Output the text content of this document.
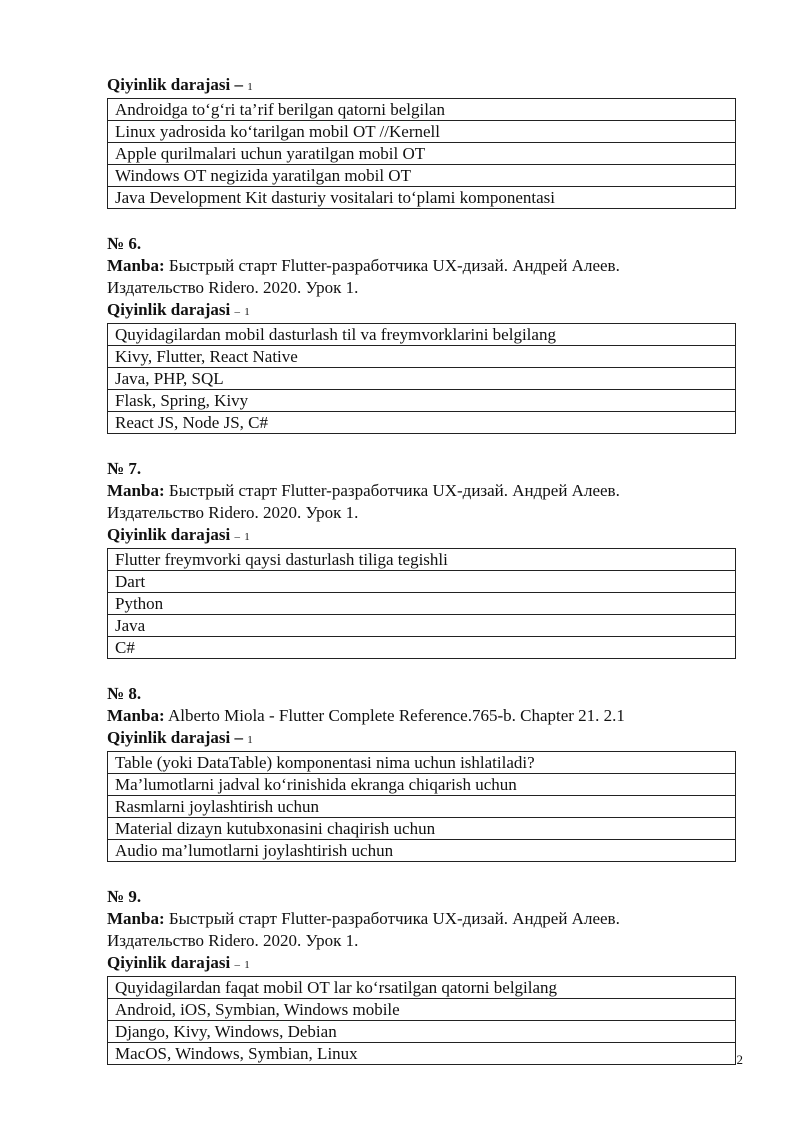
Qiyinlik darajasi – 1
Androidga to‘g‘ri ta’rif berilgan qatorni belgilan
Linux yadrosida ko‘tarilgan mobil OT //Kernell
Apple qurilmalari uchun yaratilgan mobil OT
Windows OT negizida yaratilgan mobil OT
Java Development Kit dasturiy vositalari to‘plami komponentasi
№ 6.
Manba: Быстрый старт Flutter-разработчика UX-дизай. Андрей Алеев.
Издательство Ridero. 2020. Урок 1.
Qiyinlik darajasi – 1
Quyidagilardan mobil dasturlash til va freymvorklarini belgilang
Kivy, Flutter, React Native
Java, PHP, SQL
Flask, Spring, Kivy
React JS, Node JS, C#
№ 7.
Manba: Быстрый старт Flutter-разработчика UX-дизай. Андрей Алеев.
Издательство Ridero. 2020. Урок 1.
Qiyinlik darajasi – 1
Flutter freymvorki qaysi dasturlash tiliga tegishli
Dart
Python
Java
C#
№ 8.
Manba: Alberto Miola - Flutter Complete Reference.765-b. Chapter 21. 2.1
Qiyinlik darajasi – 1
Table (yoki DataTable) komponentasi nima uchun ishlatiladi?
Ma’lumotlarni jadval ko‘rinishida ekranga chiqarish uchun
Rasmlarni joylashtirish uchun
Material dizayn kutubxonasini chaqirish uchun
Audio ma’lumotlarni joylashtirish uchun
№ 9.
Manba: Быстрый старт Flutter-разработчика UX-дизай. Андрей Алеев.
Издательство Ridero. 2020. Урок 1.
Qiyinlik darajasi – 1
Quyidagilardan faqat mobil OT lar ko‘rsatilgan qatorni belgilang
Android, iOS, Symbian, Windows mobile
Django, Kivy, Windows, Debian
MacOS, Windows, Symbian, Linux	2
